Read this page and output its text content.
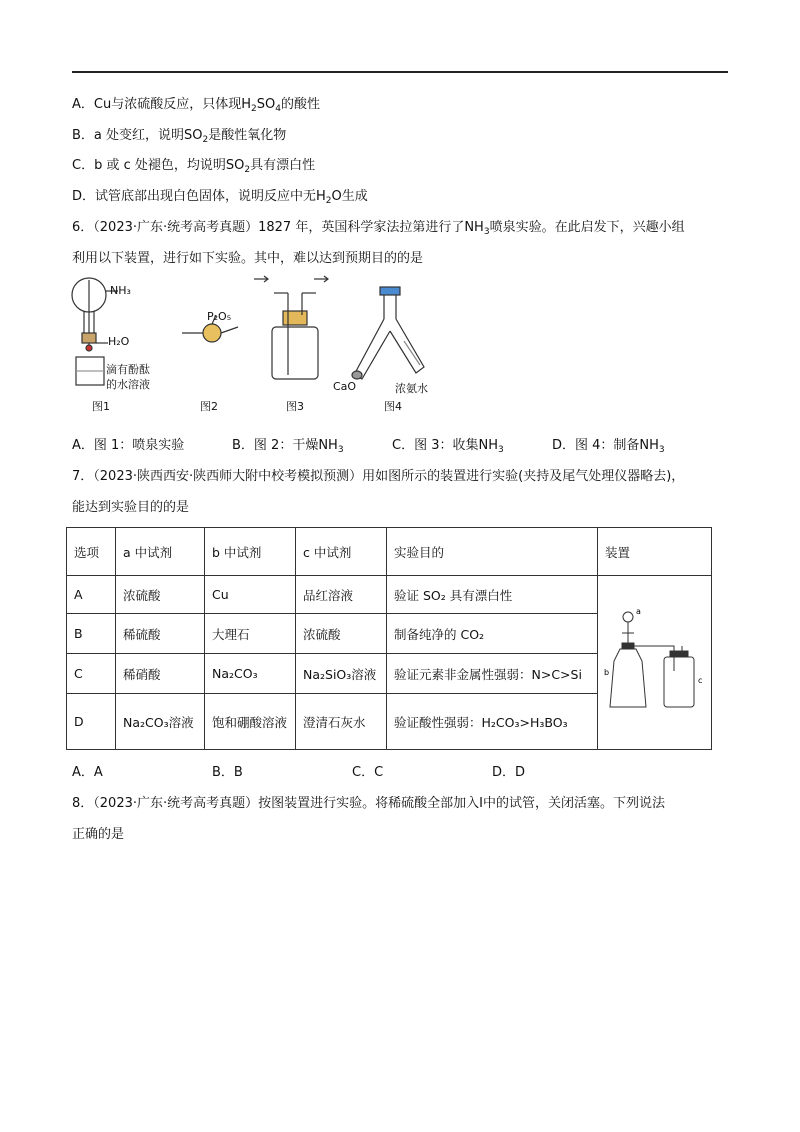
A．Cu与浓硫酸反应，只体现$H_2SO_4$的酸性
B．a 处变红，说明$SO_2$是酸性氧化物
C．b 或 c 处褪色，均说明$SO_2$具有漂白性
D．试管底部出现白色固体，说明反应中无$H_2O$生成
6．（2023·广东·统考高考真题）1827 年，英国科学家法拉第进行了$NH_3$喷泉实验。在此启发下，兴趣小组
利用以下装置，进行如下实验。其中，难以达到预期目的的是
NH₃
H₂O
滴有酚酞
的水溶液
P₂O₅
CaO	浓氨水
图1	图2	图3	图4
A．图 1：喷泉实验	B．图 2：干燥$NH_3$	C．图 3：收集$NH_3$	D．图 4：制备$NH_3$
7．（2023·陕西西安·陕西师大附中校考模拟预测）用如图所示的装置进行实验(夹持及尾气处理仪器略去)，
能达到实验目的的是
选项	a 中试剂	b 中试剂	c 中试剂	实验目的	装置
A	浓硫酸	Cu	品红溶液	验证 SO₂ 具有漂白性	a
b
c

B	稀硫酸	大理石	浓硫酸	制备纯净的 CO₂	
C	稀硝酸	Na₂CO₃	Na₂SiO₃溶液	验证元素非金属性强弱：N>C>Si	
D	Na₂CO₃溶液	饱和硼酸溶液	澄清石灰水	验证酸性强弱：H₂CO₃>H₃BO₃	
A．A	B．B	C．C	D．D
8．（2023·广东·统考高考真题）按图装置进行实验。将稀硫酸全部加入Ⅰ中的试管，关闭活塞。下列说法
正确的是
